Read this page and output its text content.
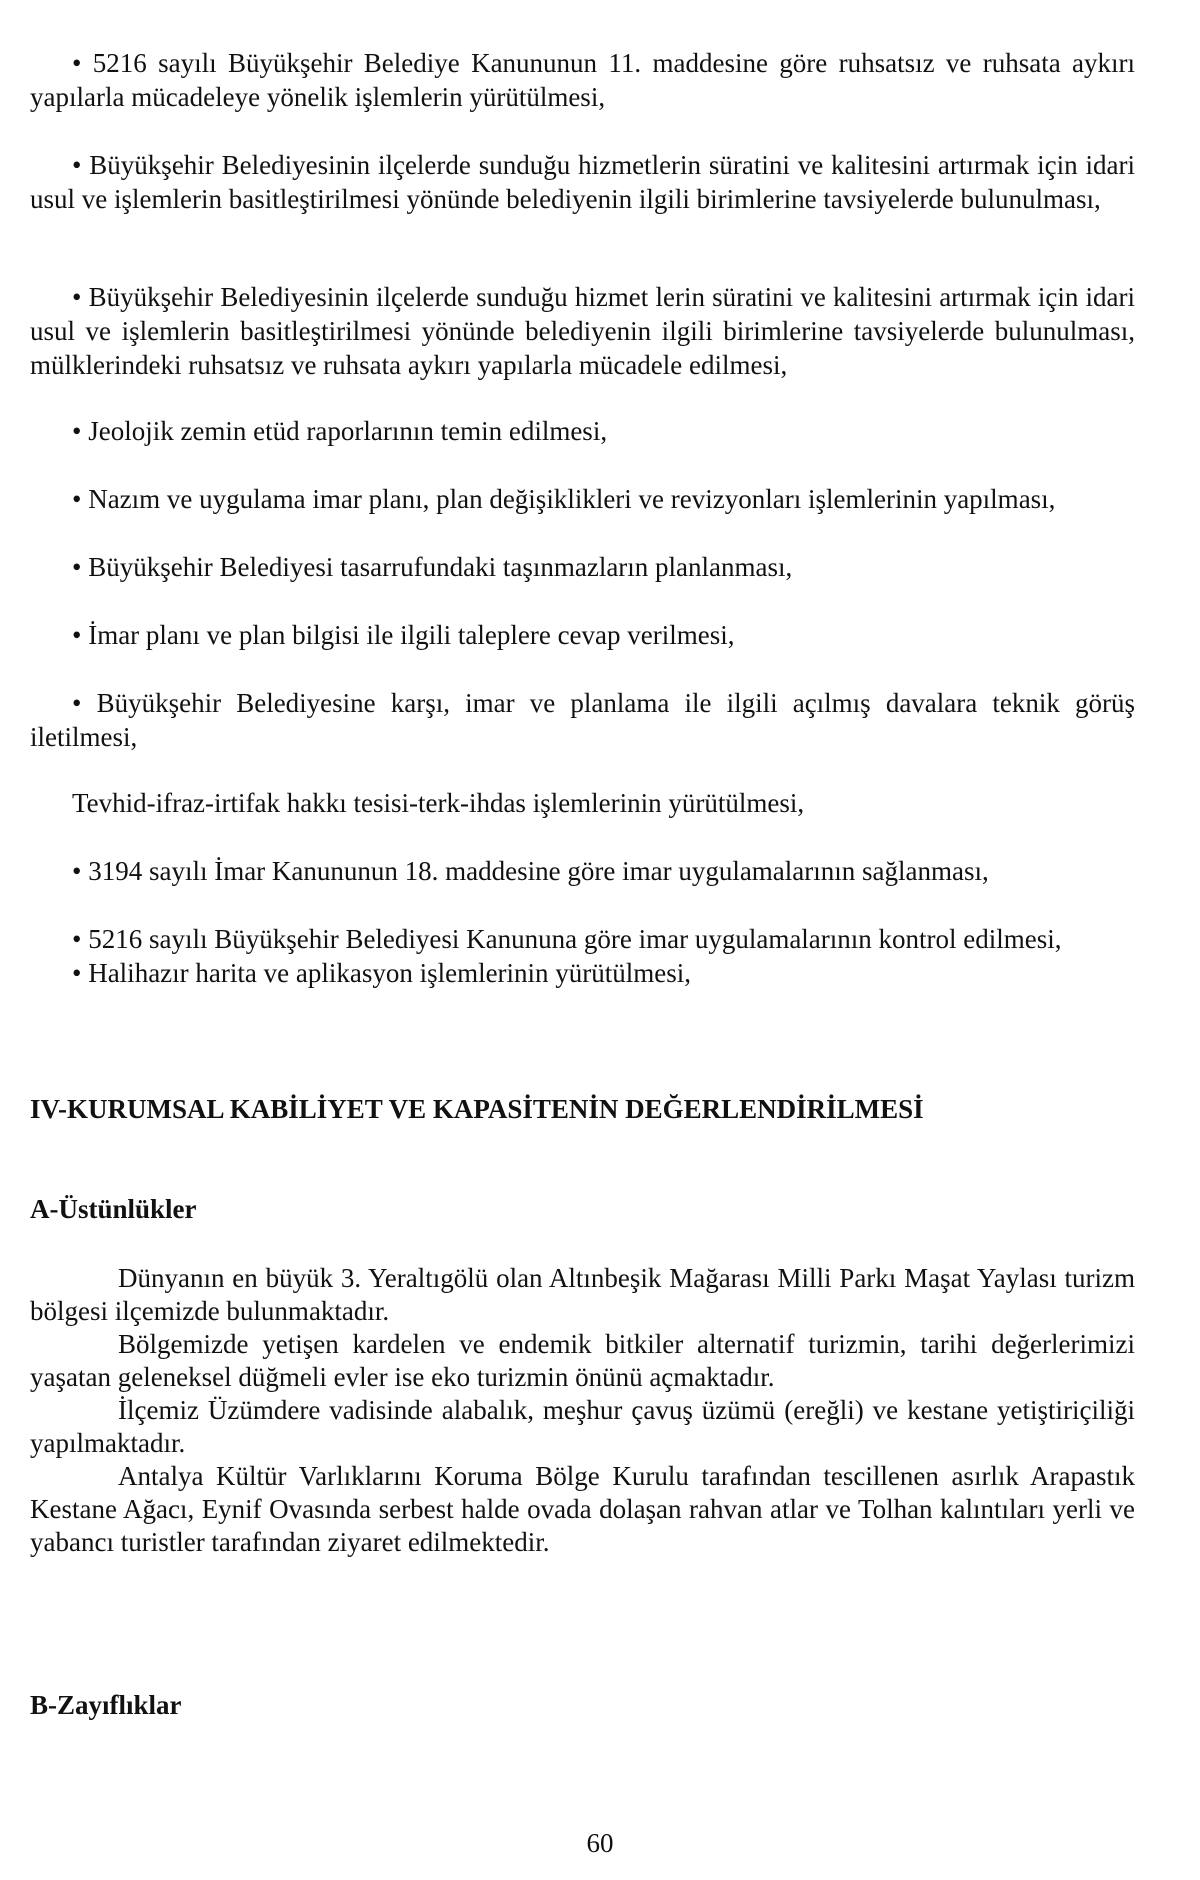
• 5216 sayılı Büyükşehir Belediye Kanununun 11. maddesine göre ruhsatsız ve ruhsata aykırı yapılarla mücadeleye yönelik işlemlerin yürütülmesi,

• Büyükşehir Belediyesinin ilçelerde sunduğu hizmetlerin süratini ve kalitesini artırmak için idari usul ve işlemlerin basitleştirilmesi yönünde belediyenin ilgili birimlerine tavsiyelerde bulunulması,

• Büyükşehir Belediyesinin ilçelerde sunduğu hizmet lerin süratini ve kalitesini artırmak için idari usul ve işlemlerin basitleştirilmesi yönünde belediyenin ilgili birimlerine tavsiyelerde bulunulması, mülklerindeki ruhsatsız ve ruhsata aykırı yapılarla mücadele edilmesi,

• Jeolojik zemin etüd raporlarının temin edilmesi,

• Nazım ve uygulama imar planı, plan değişiklikleri ve revizyonları işlemlerinin yapılması,

• Büyükşehir Belediyesi tasarrufundaki taşınmazların planlanması,

• İmar planı ve plan bilgisi ile ilgili taleplere cevap verilmesi,

• Büyükşehir Belediyesine karşı, imar ve planlama ile ilgili açılmış davalara teknik görüş iletilmesi,

Tevhid-ifraz-irtifak hakkı tesisi-terk-ihdas işlemlerinin yürütülmesi,

• 3194 sayılı İmar Kanununun 18. maddesine göre imar uygulamalarının sağlanması,

• 5216 sayılı Büyükşehir Belediyesi Kanununa göre imar uygulamalarının kontrol edilmesi,

• Halihazır harita ve aplikasyon işlemlerinin yürütülmesi,

IV-KURUMSAL KABİLİYET VE KAPASİTENİN DEĞERLENDİRİLMESİ
A-Üstünlükler

Dünyanın en büyük 3. Yeraltıgölü olan Altınbeşik Mağarası Milli Parkı Maşat Yaylası turizm bölgesi ilçemizde bulunmaktadır.

Bölgemizde yetişen kardelen ve endemik bitkiler alternatif turizmin, tarihi değerlerimizi yaşatan geleneksel düğmeli evler ise eko turizmin önünü açmaktadır.

İlçemiz Üzümdere vadisinde alabalık, meşhur çavuş üzümü (ereğli) ve kestane yetiştiriçiliği yapılmaktadır.

Antalya Kültür Varlıklarını Koruma Bölge Kurulu tarafından tescillenen asırlık Arapastık Kestane Ağacı, Eynif Ovasında serbest halde ovada dolaşan rahvan atlar ve Tolhan kalıntıları yerli ve yabancı turistler tarafından ziyaret edilmektedir.

B-Zayıflıklar
60
